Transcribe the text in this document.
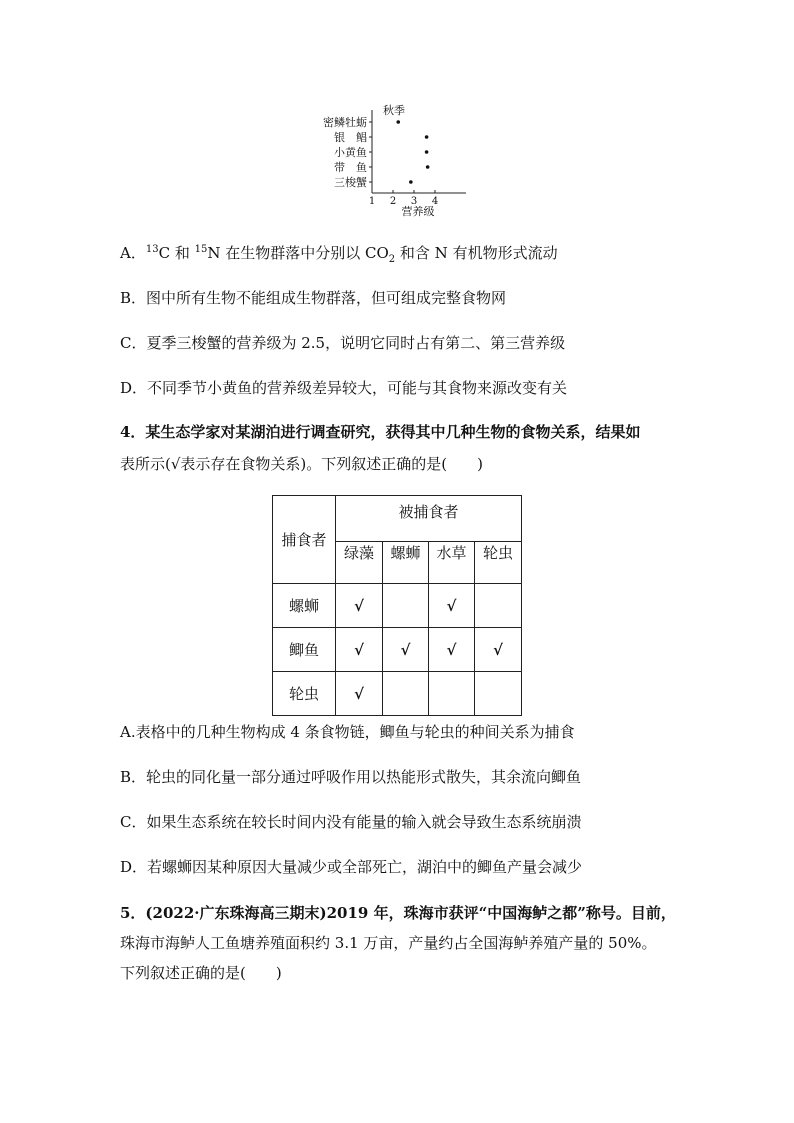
秋季
密鳞牡蛎
银　鲳
小黄鱼
带　鱼
三梭蟹
1 2 3 4
营养级
A．$^{13}$C 和 $^{15}$N 在生物群落中分别以 $CO_2$ 和含 N 有机物形式流动
B．图中所有生物不能组成生物群落，但可组成完整食物网
C．夏季三梭蟹的营养级为 2.5，说明它同时占有第二、第三营养级
D．不同季节小黄鱼的营养级差异较大，可能与其食物来源改变有关
4．某生态学家对某湖泊进行调查研究，获得其中几种生物的食物关系，结果如
表所示(√表示存在食物关系)。下列叙述正确的是(　　)
捕食者	被捕食者			
	绿藻	螺蛳	水草	轮虫
螺蛳	√		√	
鲫鱼	√	√	√	√
轮虫	√			
A.表格中的几种生物构成 4 条食物链，鲫鱼与轮虫的种间关系为捕食
B．轮虫的同化量一部分通过呼吸作用以热能形式散失，其余流向鲫鱼
C．如果生态系统在较长时间内没有能量的输入就会导致生态系统崩溃
D．若螺蛳因某种原因大量减少或全部死亡，湖泊中的鲫鱼产量会减少
5．(2022·广东珠海高三期末)2019 年，珠海市获评“中国海鲈之都”称号。目前，
珠海市海鲈人工鱼塘养殖面积约 3.1 万亩，产量约占全国海鲈养殖产量的 50%。
下列叙述正确的是(　　)
